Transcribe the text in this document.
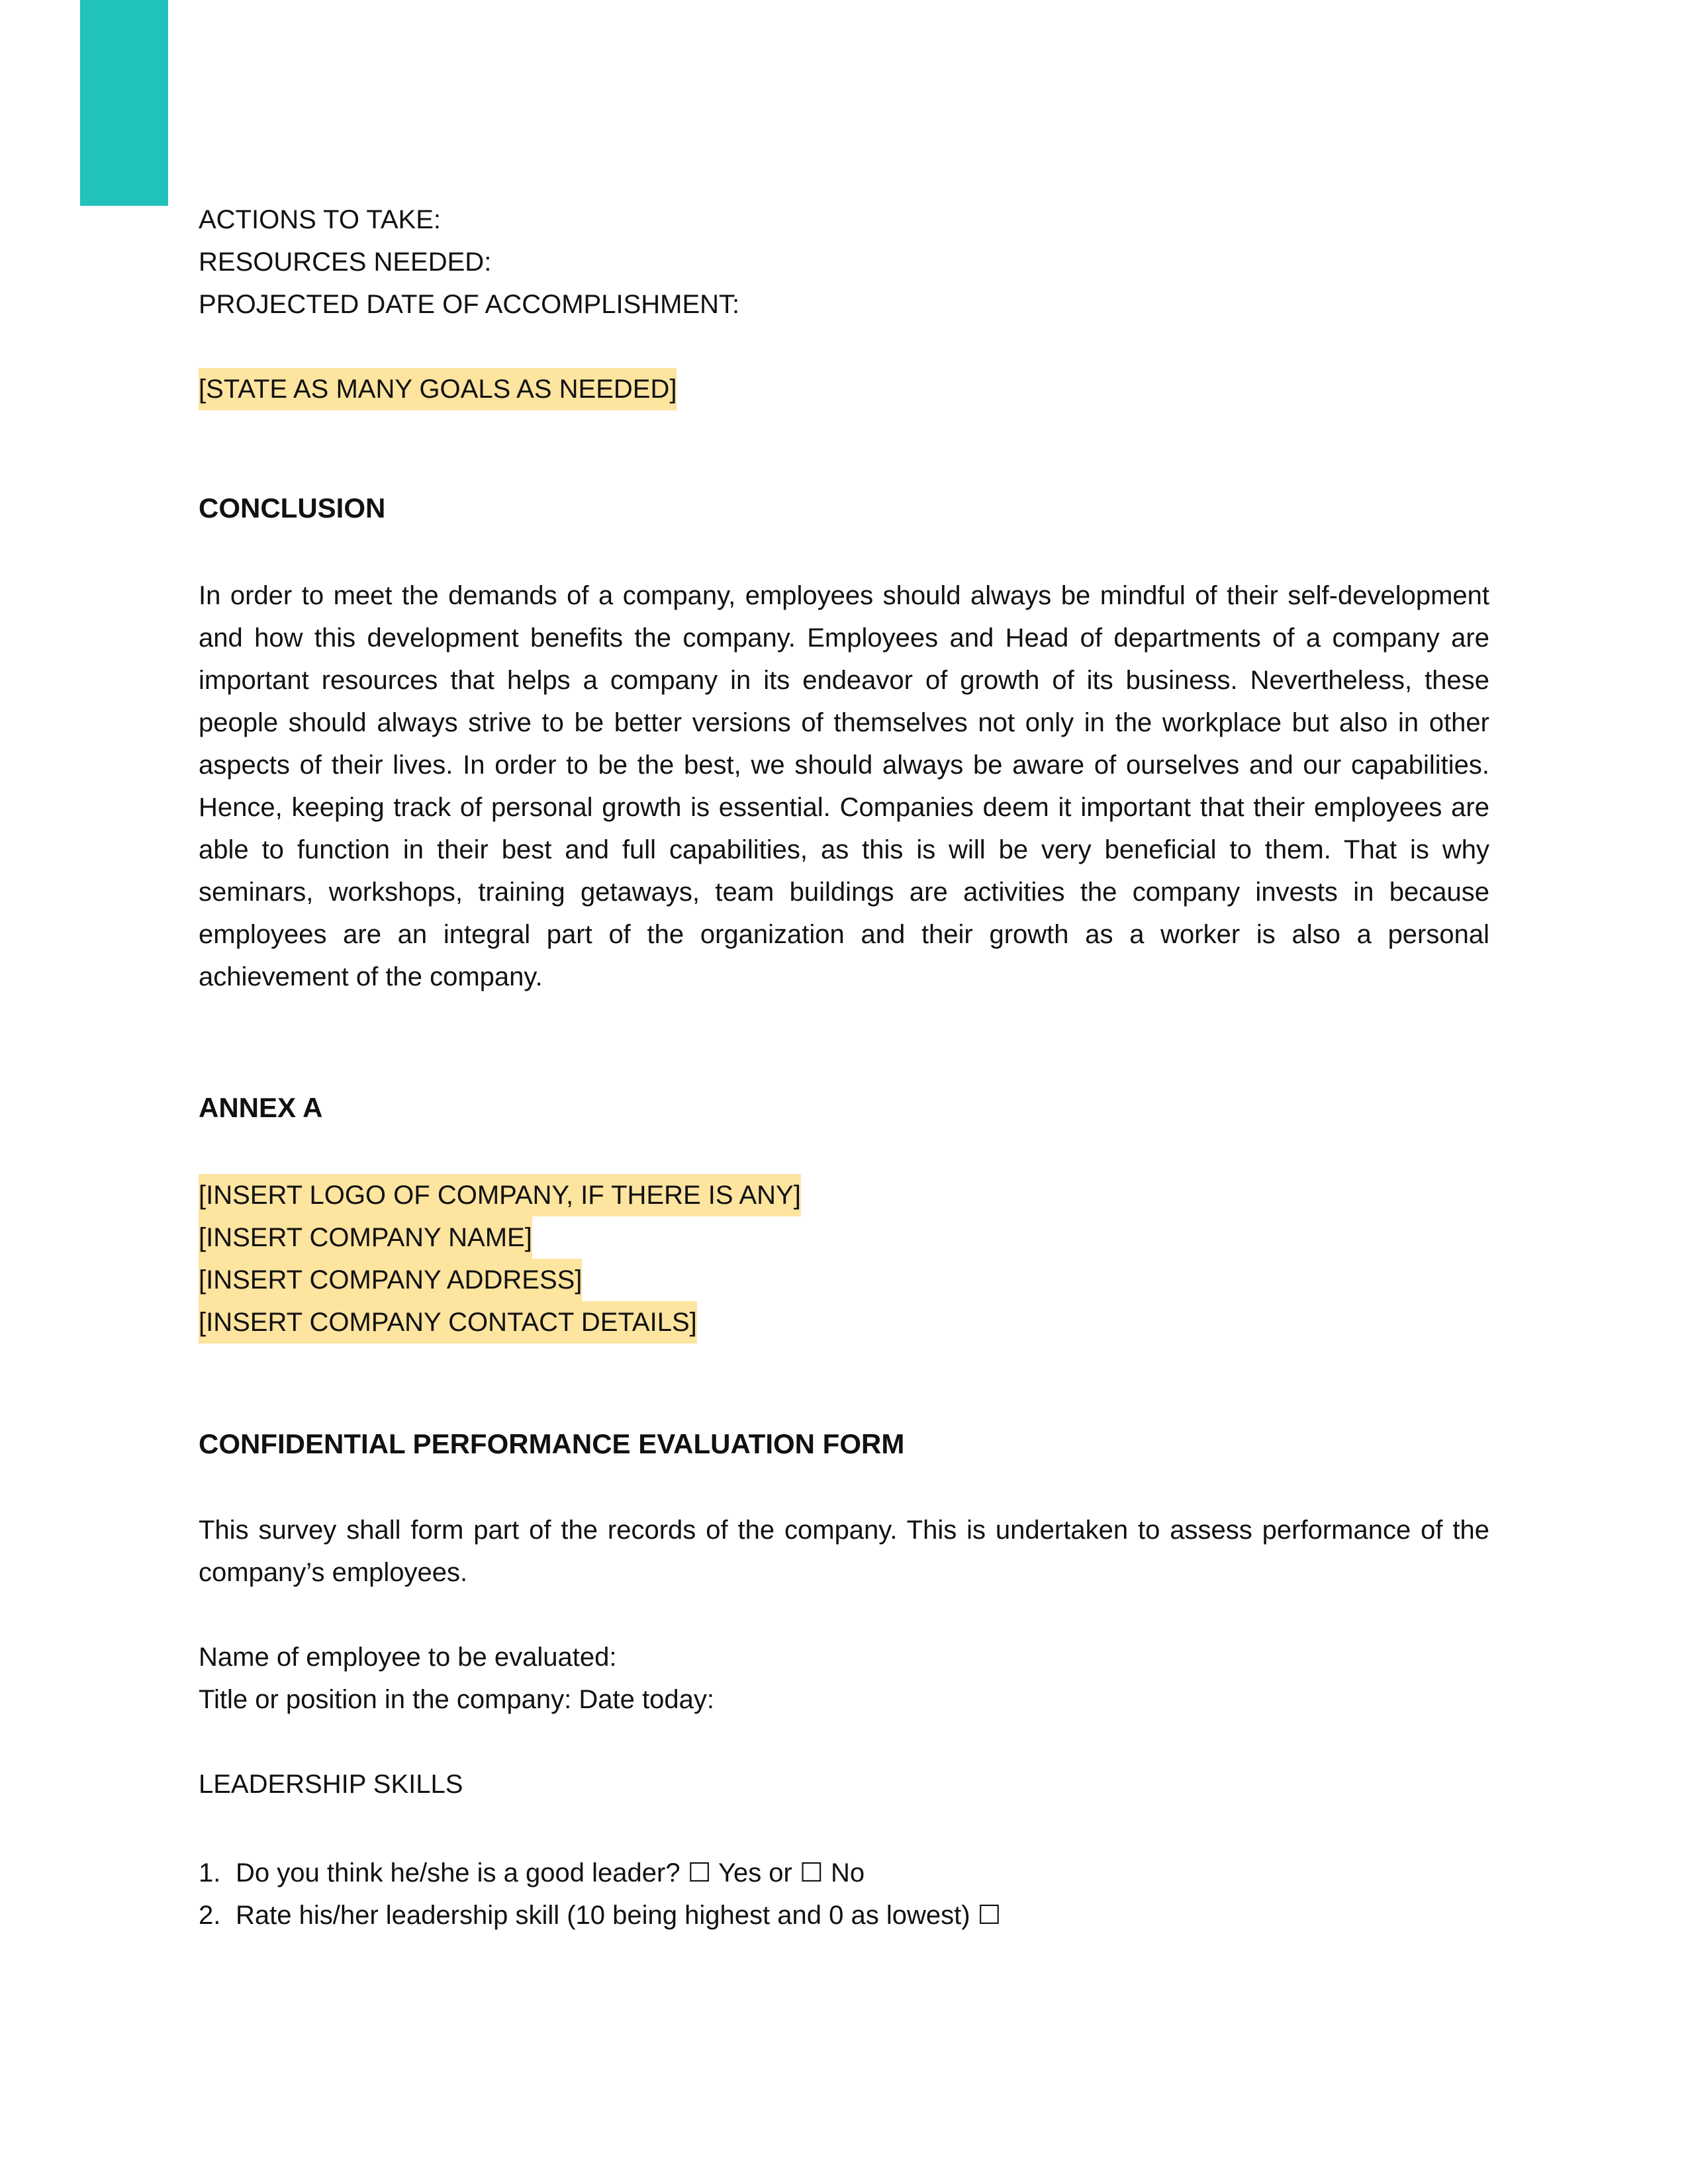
ACTIONS TO TAKE:
RESOURCES NEEDED:
PROJECTED DATE OF ACCOMPLISHMENT:
[STATE AS MANY GOALS AS NEEDED]
CONCLUSION

In order to meet the demands of a company, employees should always be mindful of their self-development and how this development benefits the company. Employees and Head of departments of a company are important resources that helps a company in its endeavor of growth of its business. Nevertheless, these people should always strive to be better versions of themselves not only in the workplace but also in other aspects of their lives. In order to be the best, we should always be aware of ourselves and our capabilities. Hence, keeping track of personal growth is essential. Companies deem it important that their employees are able to function in their best and full capabilities, as this is will be very beneficial to them. That is why seminars, workshops, training getaways, team buildings are activities the company invests in because employees are an integral part of the organization and their growth as a worker is also a personal achievement of the company.

ANNEX A
[INSERT LOGO OF COMPANY, IF THERE IS ANY]
[INSERT COMPANY NAME]
[INSERT COMPANY ADDRESS]
[INSERT COMPANY CONTACT DETAILS]
CONFIDENTIAL PERFORMANCE EVALUATION FORM

This survey shall form part of the records of the company. This is undertaken to assess performance of the company’s employees.

Name of employee to be evaluated:
Title or position in the company: Date today:
LEADERSHIP SKILLS
1. Do you think he/she is a good leader? ☐ Yes or ☐ No
2. Rate his/her leadership skill (10 being highest and 0 as lowest) ☐
